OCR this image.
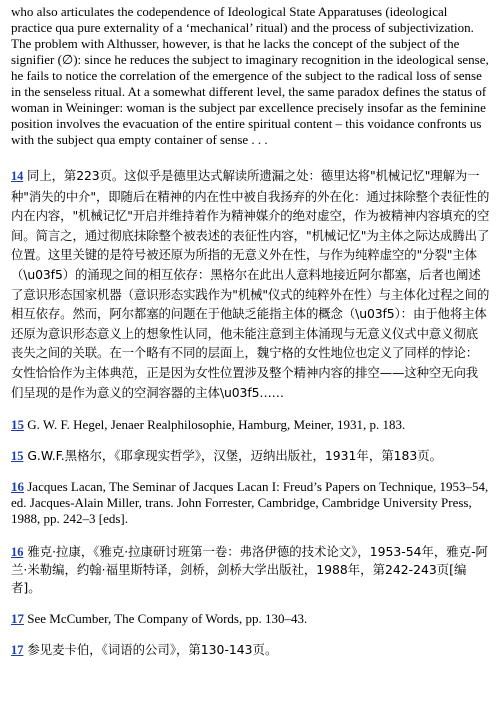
who also articulates the codependence of Ideological State Apparatuses (ideological practice qua pure externality of a ‘mechanical’ ritual) and the process of subjectivization. The problem with Althusser, however, is that he lacks the concept of the subject of the signifier (∅): since he reduces the subject to imaginary recognition in the ideological sense, he fails to notice the correlation of the emergence of the subject to the radical loss of sense in the senseless ritual. At a somewhat different level, the same paradox defines the status of woman in Weininger: woman is the subject par excellence precisely insofar as the feminine position involves the evacuation of the entire spiritual content – this voidance confronts us with the subject qua empty container of sense . . .

14 同上，第223页。这似乎是德里达式解读所遗漏之处：德里达将"机械记忆"理解为一种"消失的中介"，即随后在精神的内在性中被自我扬弃的外在化：通过抹除整个表征性的内在内容，"机械记忆"开启并维持着作为精神媒介的绝对虚空，作为被精神内容填充的空间。简言之，通过彻底抹除整个被表述的表征性内容，"机械记忆"为主体之际达成腾出了位置。这里关键的是符号被还原为所指的无意义外在性，与作为纯粹虚空的"分裂"主体（\u03f5）的涌现之间的相互依存：黑格尔在此出人意料地接近阿尔都塞，后者也阐述了意识形态国家机器（意识形态实践作为"机械"仪式的纯粹外在性）与主体化过程之间的相互依存。然而，阿尔都塞的问题在于他缺乏能指主体的概念（\u03f5）：由于他将主体还原为意识形态意义上的想象性认同，他未能注意到主体涌现与无意义仪式中意义彻底丧失之间的关联。在一个略有不同的层面上，魏宁格的女性地位也定义了同样的悖论：女性恰恰作为主体典范，正是因为女性位置涉及整个精神内容的排空——这种空无向我们呈现的是作为意义的空洞容器的主体\u03f5……

15 G. W. F. Hegel, Jenaer Realphilosophie, Hamburg, Meiner, 1931, p. 183.

15 G.W.F.黑格尔，《耶拿现实哲学》，汉堡，迈纳出版社，1931年，第183页。

16 Jacques Lacan, The Seminar of Jacques Lacan I: Freud’s Papers on Technique, 1953–54, ed. Jacques-Alain Miller, trans. John Forrester, Cambridge, Cambridge University Press, 1988, pp. 242–3 [eds].

16 雅克·拉康，《雅克·拉康研讨班第一卷：弗洛伊德的技术论文》，1953-54年，雅克-阿兰·米勒编，约翰·福里斯特译，剑桥，剑桥大学出版社，1988年，第242-243页[编者]。

17 See McCumber, The Company of Words, pp. 130–43.

17 参见麦卡伯，《词语的公司》，第130-143页。
